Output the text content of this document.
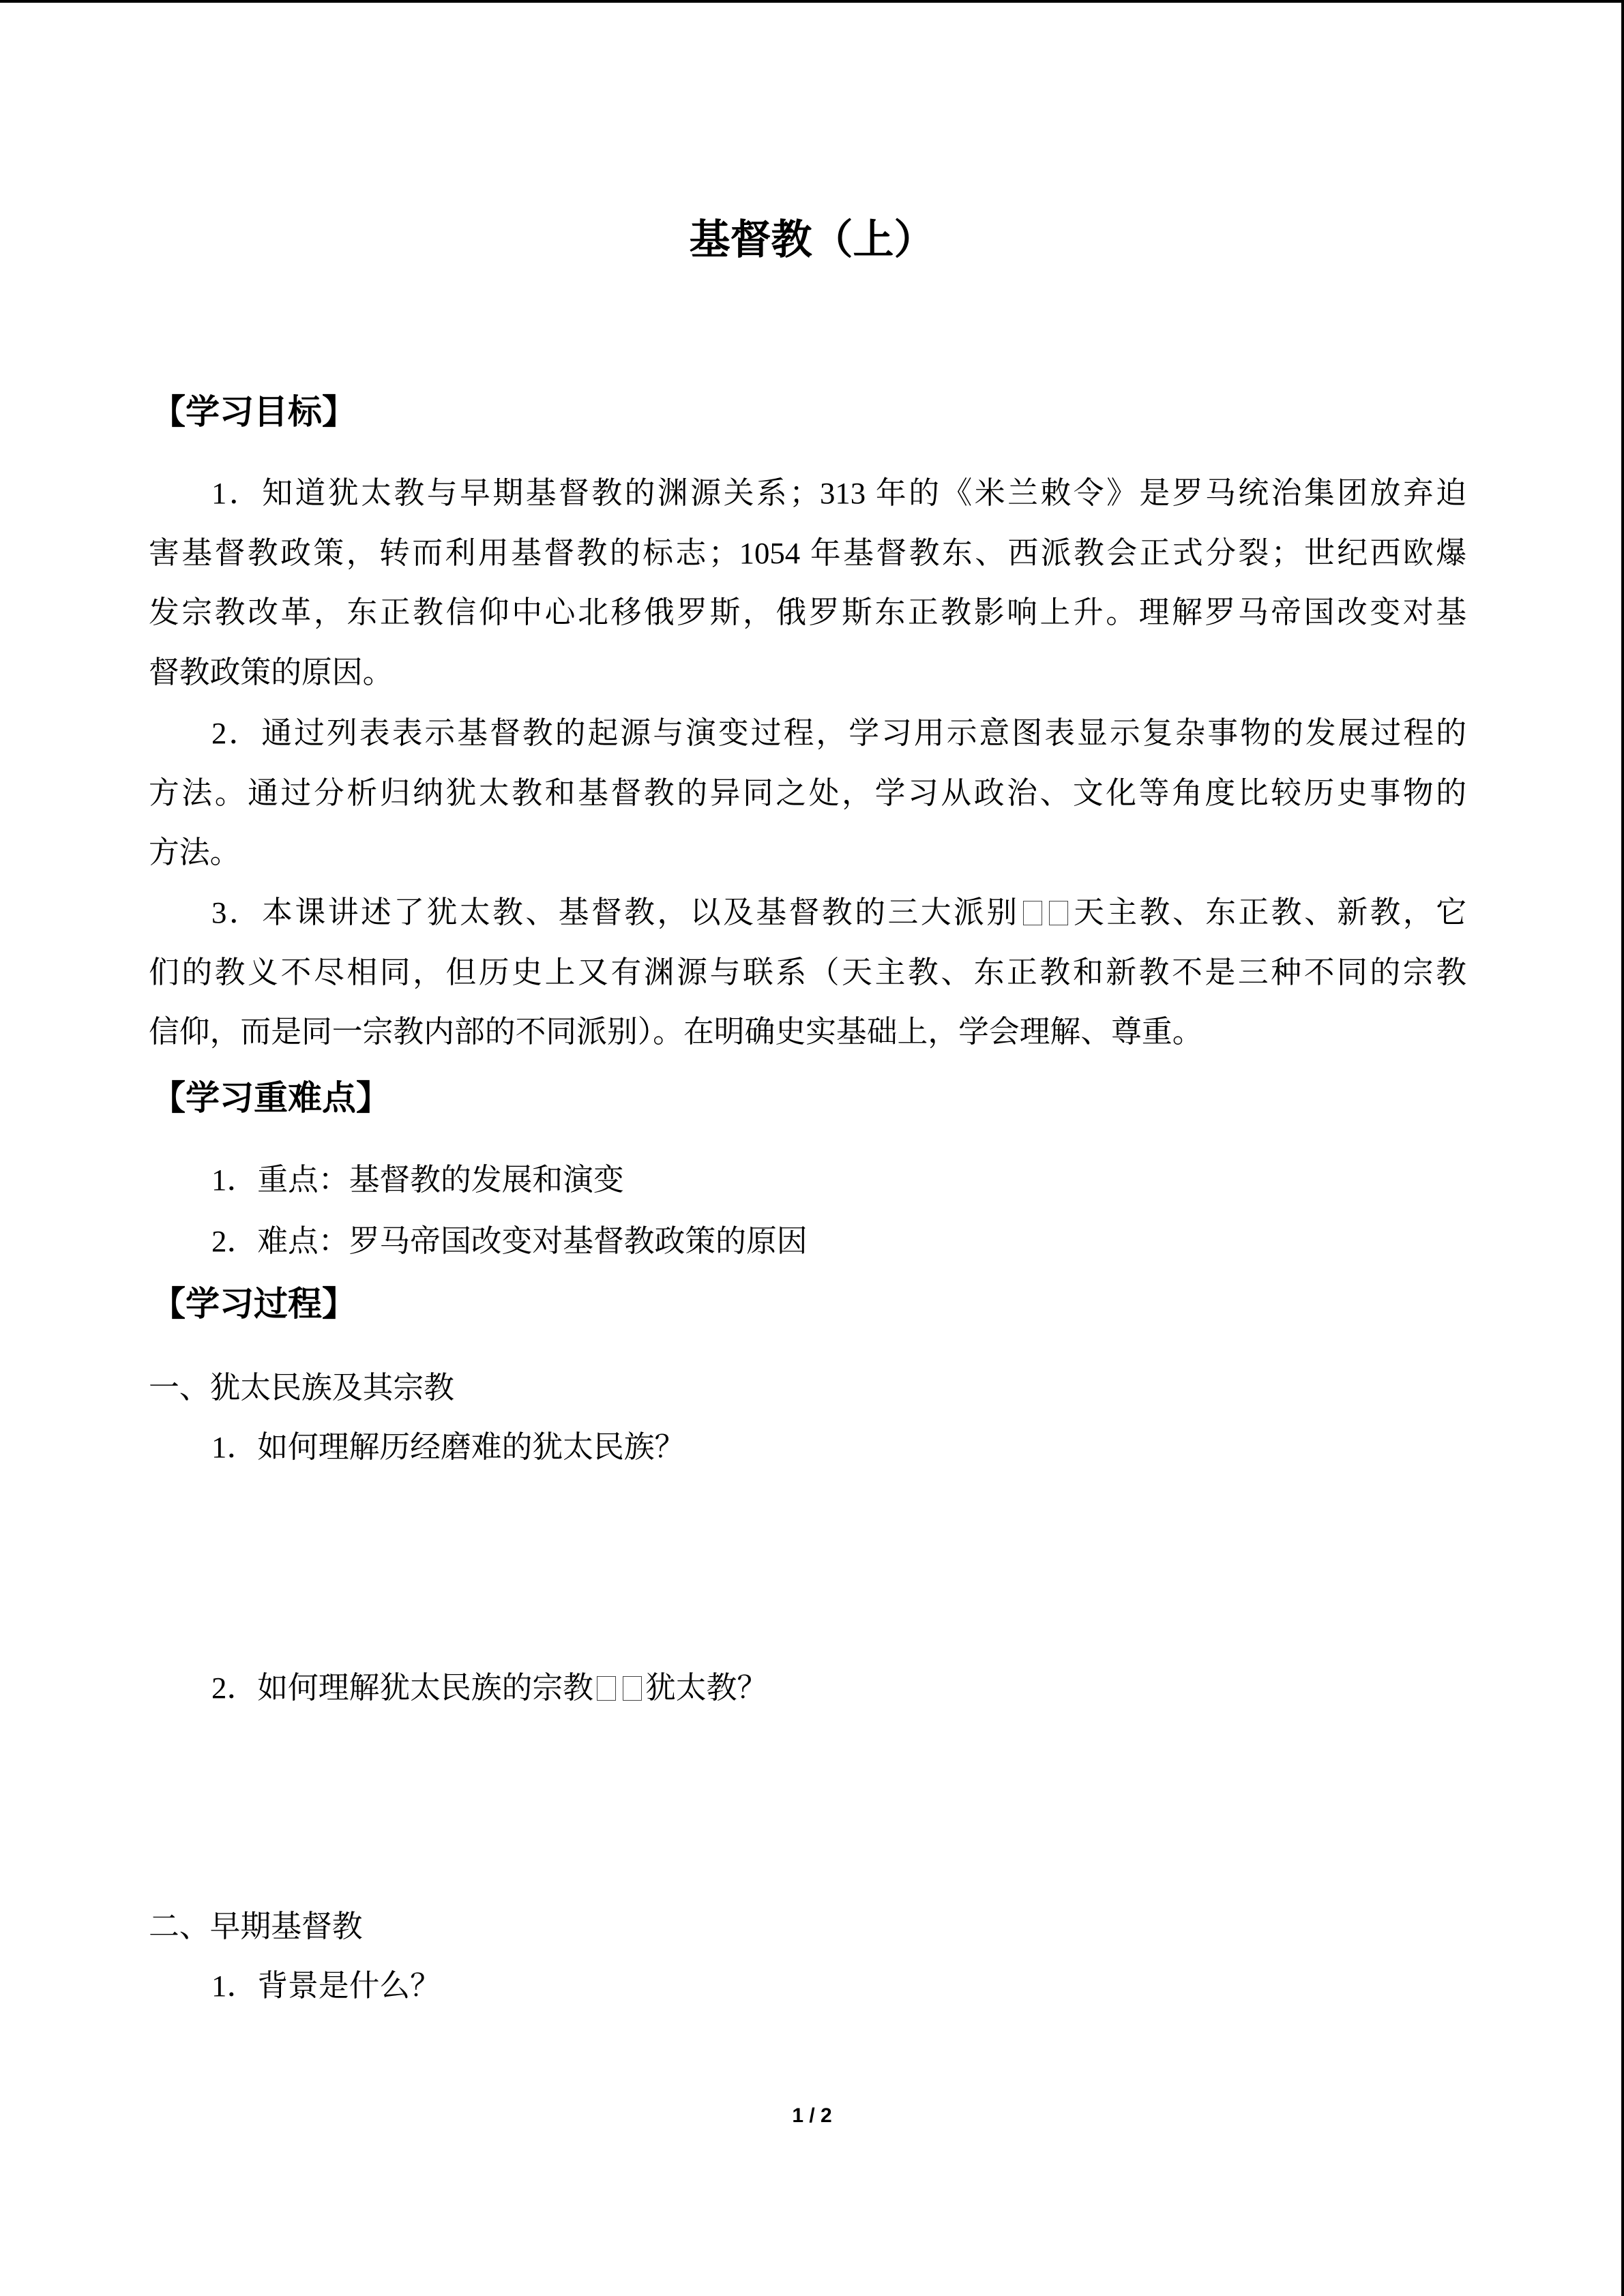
基督教（上）
【学习目标】
1．知道犹太教与早期基督教的渊源关系；313 年的《米兰敕令》是罗马统治集团放弃迫
害基督教政策，转而利用基督教的标志；1054 年基督教东、西派教会正式分裂；世纪西欧爆
发宗教改革，东正教信仰中心北移俄罗斯，俄罗斯东正教影响上升。理解罗马帝国改变对基
督教政策的原因。
2．通过列表表示基督教的起源与演变过程，学习用示意图表显示复杂事物的发展过程的
方法。通过分析归纳犹太教和基督教的异同之处，学习从政治、文化等角度比较历史事物的
方法。
3．本课讲述了犹太教、基督教，以及基督教的三大派别 天主教、东正教、新教，它
们的教义不尽相同，但历史上又有渊源与联系（天主教、东正教和新教不是三种不同的宗教
信仰，而是同一宗教内部的不同派别）。在明确史实基础上，学会理解、尊重。
【学习重难点】
1．重点：基督教的发展和演变
2．难点：罗马帝国改变对基督教政策的原因
【学习过程】
一、犹太民族及其宗教
1．如何理解历经磨难的犹太民族？
2．如何理解犹太民族的宗教 犹太教？
二、早期基督教
1．背景是什么？
1 / 2
